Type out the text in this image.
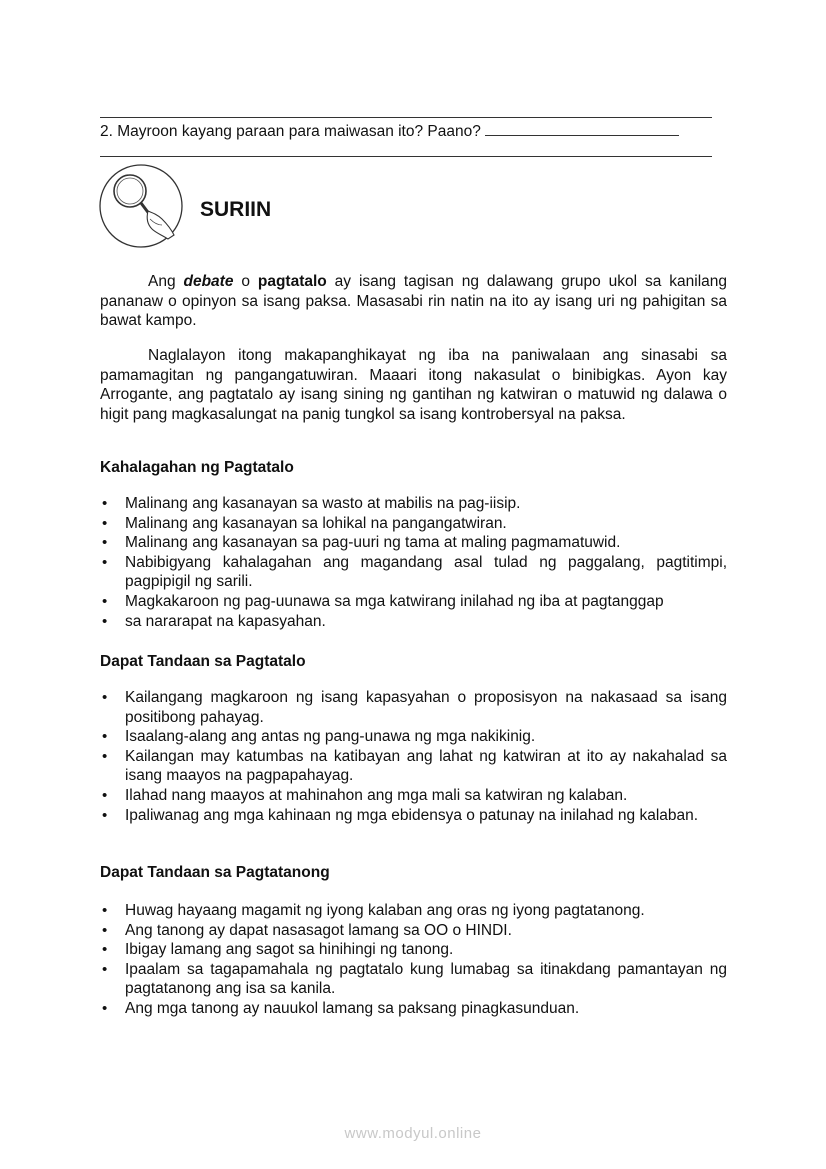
2. Mayroon kayang paraan para maiwasan ito? Paano?
SURIIN
Ang debate o pagtatalo ay isang tagisan ng dalawang grupo ukol sa kanilang pananaw o opinyon sa isang paksa. Masasabi rin natin na ito ay isang uri ng pahigitan sa bawat kampo.
Naglalayon itong makapanghikayat ng iba na paniwalaan ang sinasabi sa pamamagitan ng pangangatuwiran. Maaari itong nakasulat o binibigkas. Ayon kay Arrogante, ang pagtatalo ay isang sining ng gantihan ng katwiran o matuwid ng dalawa o higit pang magkasalungat na panig tungkol sa isang kontrobersyal na paksa.
Kahalagahan ng Pagtatalo
• Malinang ang kasanayan sa wasto at mabilis na pag-iisip.
• Malinang ang kasanayan sa lohikal na pangangatwiran.
• Malinang ang kasanayan sa pag-uuri ng tama at maling pagmamatuwid.
• Nabibigyang kahalagahan ang magandang asal tulad ng paggalang, pagtitimpi, pagpipigil ng sarili.
• Magkakaroon ng pag-uunawa sa mga katwirang inilahad ng iba at pagtanggap
• sa nararapat na kapasyahan.
Dapat Tandaan sa Pagtatalo
• Kailangang magkaroon ng isang kapasyahan o proposisyon na nakasaad sa isang positibong pahayag.
• Isaalang-alang ang antas ng pang-unawa ng mga nakikinig.
• Kailangan may katumbas na katibayan ang lahat ng katwiran at ito ay nakahalad sa isang maayos na pagpapahayag.
• Ilahad nang maayos at mahinahon ang mga mali sa katwiran ng kalaban.
• Ipaliwanag ang mga kahinaan ng mga ebidensya o patunay na inilahad ng kalaban.
Dapat Tandaan sa Pagtatanong
• Huwag hayaang magamit ng iyong kalaban ang oras ng iyong pagtatanong.
• Ang tanong ay dapat nasasagot lamang sa OO o HINDI.
• Ibigay lamang ang sagot sa hinihingi ng tanong.
• Ipaalam sa tagapamahala ng pagtatalo kung lumabag sa itinakdang pamantayan ng pagtatanong ang isa sa kanila.
• Ang mga tanong ay nauukol lamang sa paksang pinagkasunduan.
www.modyul.online
